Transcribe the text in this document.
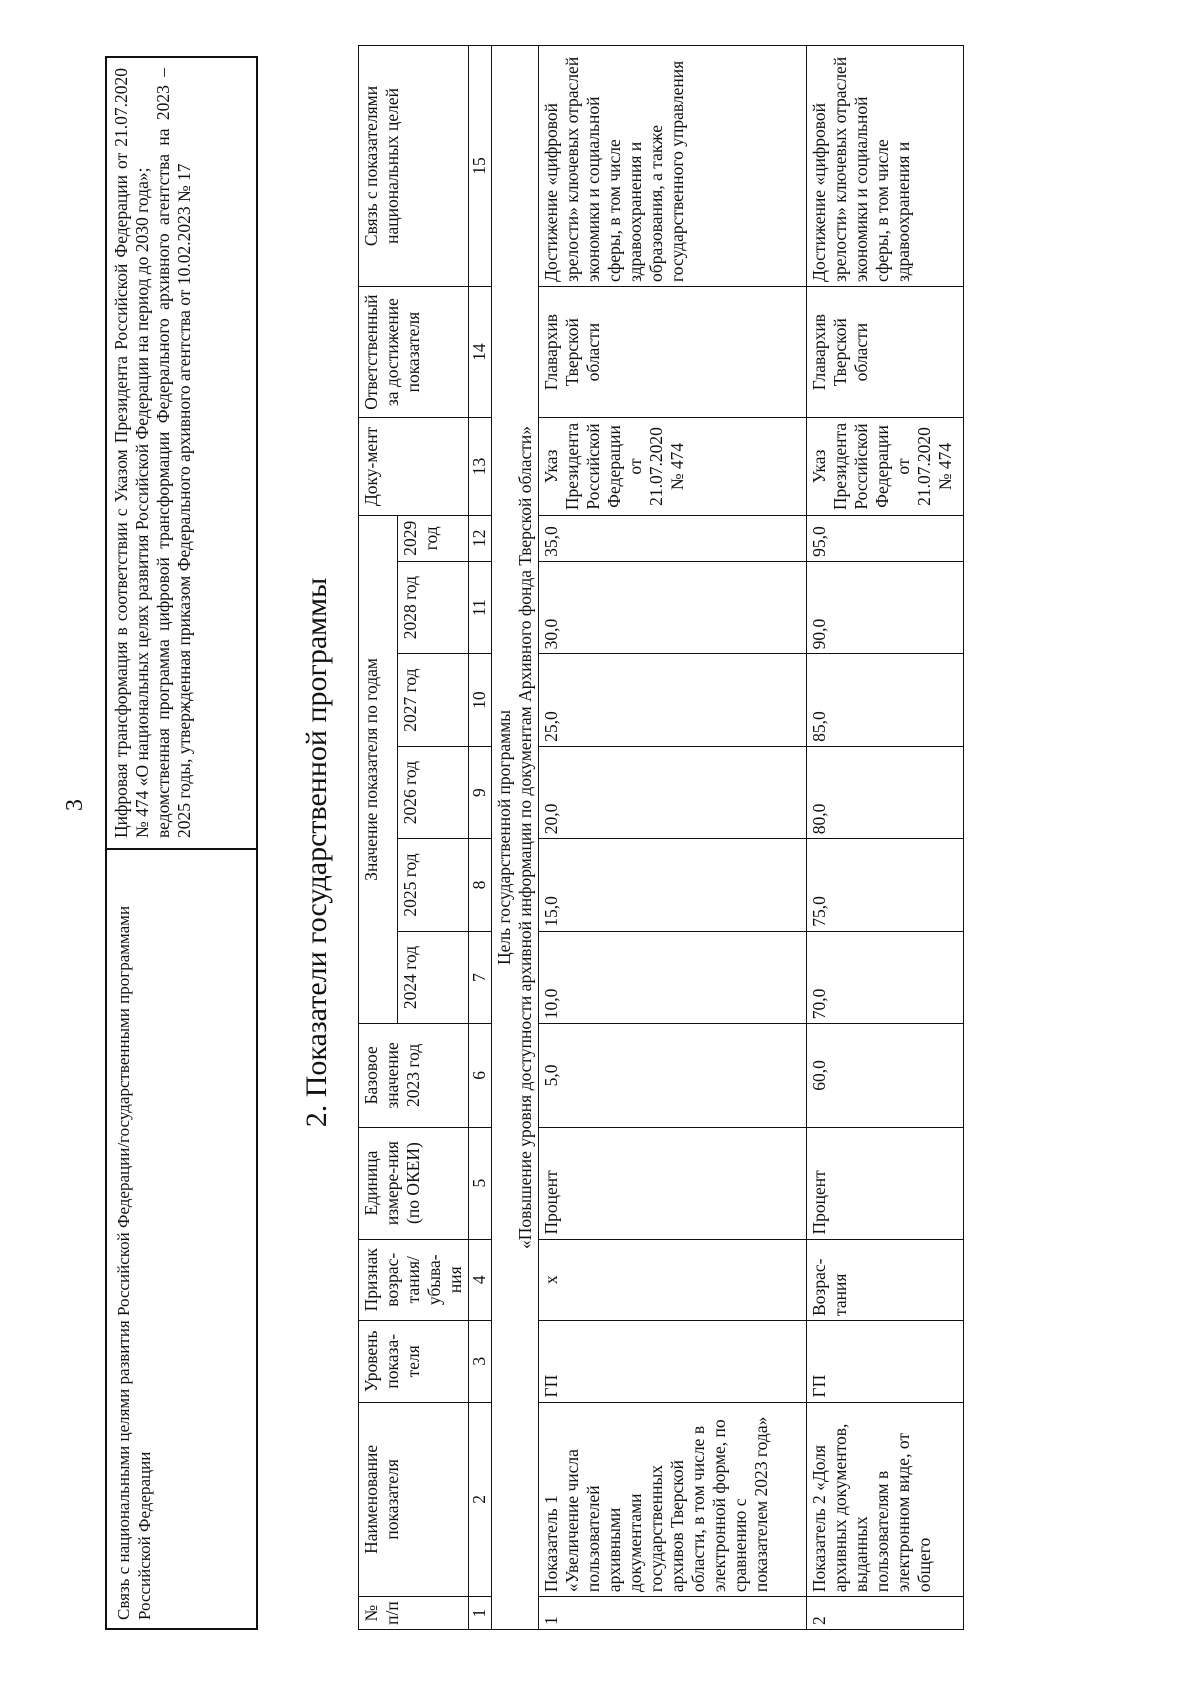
3
Связь с национальными целями развития Российской Федерации/государственными программами Российской Федерации

Цифровая трансформация в соответствии с Указом Президента Российской Федерации от 21.07.2020 № 474 «О национальных целях развития Российской Федерации на период до 2030 года»; ведомственная программа цифровой трансформации Федерального архивного агентства на 2023 – 2025 годы, утвержденная приказом Федерального архивного агентства от 10.02.2023 № 17

2. Показатели государственной программы
№ п/п	Наименование показателя	Уровень показа-теля	Признак возрас-тания/ убыва-ния	Единица измере-ния (по ОКЕИ)	Базовое значение 2023 год	Значение показателя по годам						Доку-мент	Ответственный за достижение показателя	Связь с показателями национальных целей
						2024 год	2025 год	2026 год	2027 год	2028 год	2029 год			
1	2	3	4	5	6	7	8	9	10	11	12	13	14	15

Цель государственной программы «Повышение уровня доступности архивной информации по документам Архивного фонда Тверской области»														

1	Показатель 1 «Увеличение числа пользователей архивными документами государственных архивов Тверской области, в том числе в электронной форме, по сравнению с показателем 2023 года»	ГП	х	Процент	5,0	10,0	15,0	20,0	25,0	30,0	35,0	Указ Президента Российской Федерации от 21.07.2020 № 474	Главархив Тверской области	Достижение «цифровой зрелости» ключевых отраслей экономики и социальной сферы, в том числе здравоохранения и образования, а также государственного управления
2	Показатель 2 «Доля архивных документов, выданных пользователям в электронном виде, от общего	ГП	Возрас-тания	Процент	60,0	70,0	75,0	80,0	85,0	90,0	95,0	Указ Президента Российской Федерации от 21.07.2020 № 474	Главархив Тверской области	Достижение «цифровой зрелости» ключевых отраслей экономики и социальной сферы, в том числе здравоохранения и
